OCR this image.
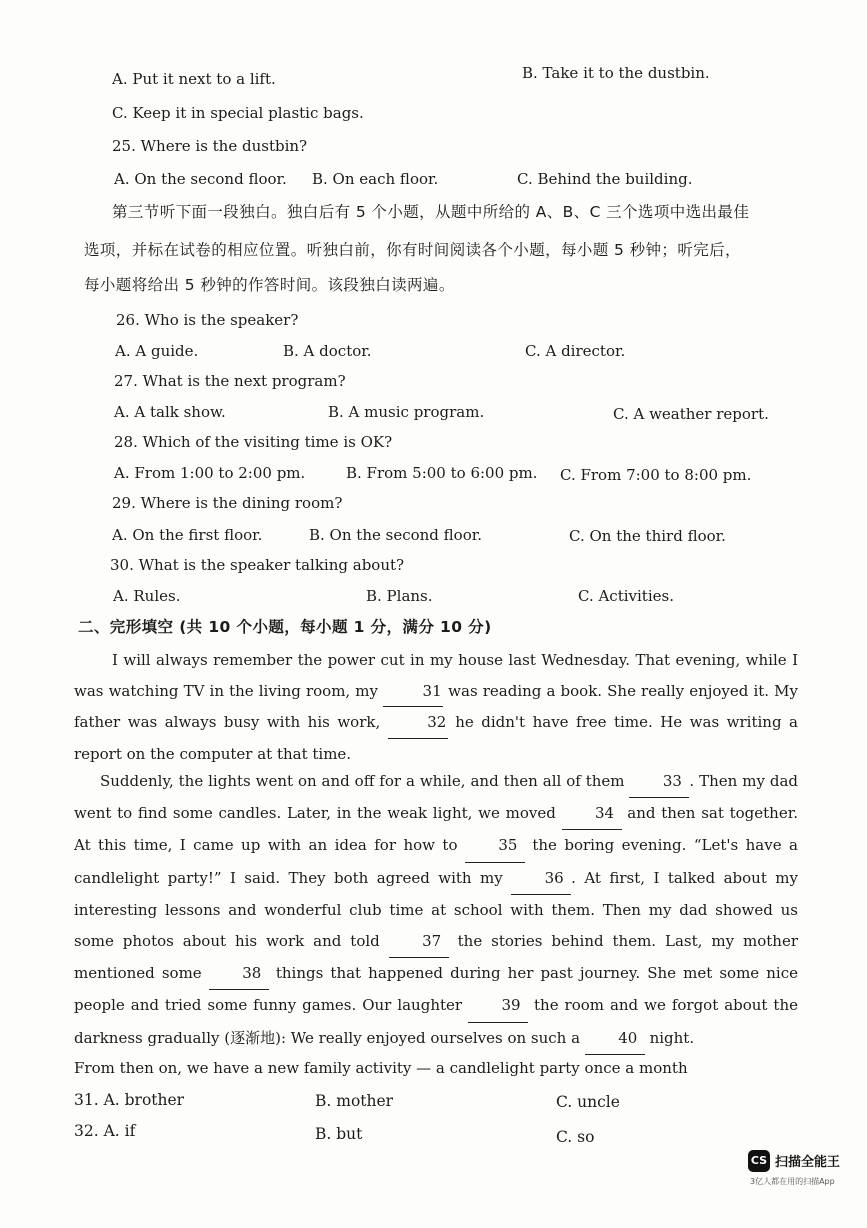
A. Put it next to a lift.	B. Take it to the dustbin.
C. Keep it in special plastic bags.
25. Where is the dustbin?
A. On the second floor. B. On each floor.	C. Behind the building.
第三节听下面一段独白。独白后有 5 个小题，从题中所给的 A、B、C 三个选项中选出最佳
选项，并标在试卷的相应位置。听独白前，你有时间阅读各个小题，每小题 5 秒钟；听完后，
每小题将给出 5 秒钟的作答时间。该段独白读两遍。
26. Who is the speaker?
A. A guide.	B. A doctor.	C. A director.
27. What is the next program?
A. A talk show.	B. A music program.	C. A weather report.
28. Which of the visiting time is OK?
A. From 1:00 to 2:00 pm.	B. From 5:00 to 6:00 pm. C. From 7:00 to 8:00 pm.
29. Where is the dining room?
A. On the first floor.	B. On the second floor.	C. On the third floor.
30. What is the speaker talking about?
A. Rules.	B. Plans.	C. Activities.
二、完形填空 (共 10 个小题，每小题 1 分，满分 10 分)
I will always remember the power cut in my house last Wednesday. That evening, while I was watching TV in the living room, my	31 was reading a book. She really enjoyed it. My father was always busy with his work,	32 he didn't have free time. He was writing a report on the computer at that time.
Suddenly, the lights went on and off for a while, and then all of them 33 . Then my dad went to find some candles. Later, in the weak light, we moved 34 and then sat together. At this time, I came up with an idea for how to 35 the boring evening. “Let's have a candlelight party!” I said. They both agreed with my 36 . At first, I talked about my interesting lessons and wonderful club time at school with them. Then my dad showed us some photos about his work and told 37 the stories behind them. Last, my mother mentioned some 38 things that happened during her past journey. She met some nice people and tried some funny games. Our laughter 39 the room and we forgot about the darkness gradually (逐渐地): We really enjoyed ourselves on such a 40 night.
From then on, we have a new family activity — a candlelight party once a month
31. A. brother	B. mother	C. uncle
32. A. if	B. but	C. so
CS 扫描全能王
3亿人都在用的扫描App
